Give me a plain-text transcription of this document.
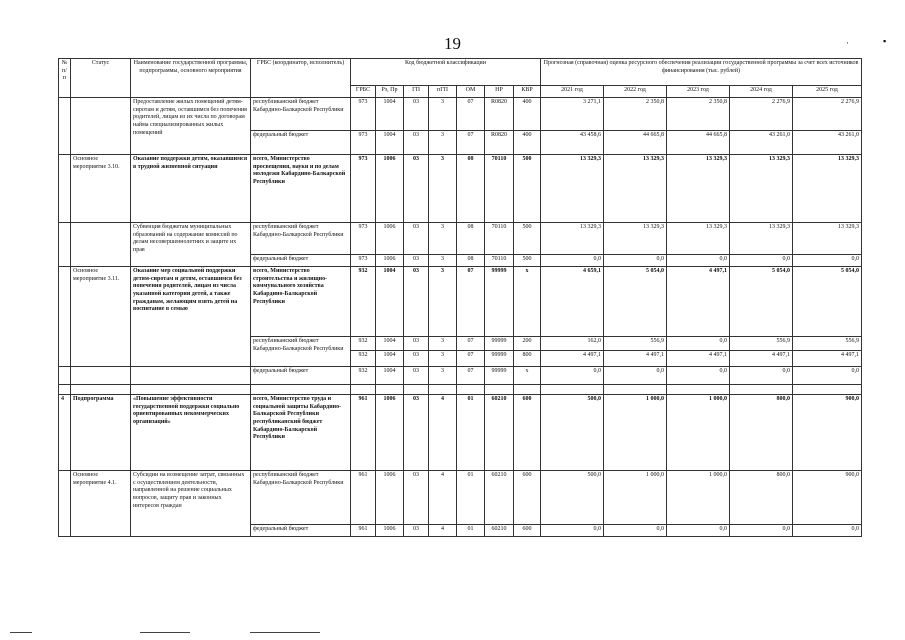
19	·	▪
№ п/п	Статус	Наименование государственной программы, подпрограммы, основного мероприятия	ГРБС (координатор, исполнитель)	Код бюджетной классификации							Прогнозная (справочная) оценка ресурсного обеспечения реализации государственной программы за счет всех источников финансирования (тыс. рублей)				
				ГРБС	Рз, Пр	ГП	пГП	ОМ	НР	КВР	2021 год	2022 год	2023 год	2024 год	2025 год
		Предоставление жилых помещений детям-сиротам и детям, оставшимся без попечения родителей, лицам из их числа по договорам найма специализированных жилых помещений	республиканский бюджет Кабардино-Балкарской Республики	973	1004	03	3	07	R0820	400	3 271,1	2 350,8	2 350,8	2 276,9	2 276,9
			федеральный бюджет	973	1004	03	3	07	R0820	400	43 458,6	44 665,8	44 665,8	43 261,0	43 261,0
	Основное мероприятие 3.10.	Оказание поддержки детям, оказавшимся в трудной жизненной ситуации	всего, Министерство просвещения, науки и по делам молодежи Кабардино-Балкарской Республики	973	1006	03	3	08	70110	500	13 329,3	13 329,3	13 329,3	13 329,3	13 329,3
		Субвенция бюджетам муниципальных образований на содержание комиссий по делам несовершеннолетних и защите их прав	республиканский бюджет Кабардино-Балкарской Республики	973	1006	03	3	08	70110	500	13 329,3	13 329,3	13 329,3	13 329,3	13 329,3
			федеральный бюджет	973	1006	03	3	08	70110	500	0,0	0,0	0,0	0,0	0,0
	Основное мероприятие 3.11.	Оказание мер социальной поддержки детям-сиротам и детям, оставшимся без попечения родителей, лицам из числа указанной категории детей, а также гражданам, желающим взять детей на воспитание в семью	всего, Министерство строительства и жилищно-коммунального хозяйства Кабардино-Балкарской Республики	932	1004	03	3	07	99999	x	4 659,1	5 054,0	4 497,1	5 054,0	5 054,0
			республиканский бюджет Кабардино-Балкарской Республики	932	1004	03	3	07	99999	200	162,0	556,9	0,0	556,9	556,9
				932	1004	03	3	07	99999	800	4 497,1	4 497,1	4 497,1	4 497,1	4 497,1
			федеральный бюджет	932	1004	03	3	07	99999	x	0,0	0,0	0,0	0,0	0,0

4	Подпрограмма	«Повышение эффективности государственной поддержки социально ориентированных некоммерческих организаций»	всего, Министерство труда и социальной защиты Кабардино-Балкарской Республики республиканский бюджет Кабардино-Балкарской Республики	961	1006	03	4	01	60210	600	500,0	1 000,0	1 000,0	800,0	900,0
	Основное мероприятие 4.1.	Субсидии на возмещение затрат, связанных с осуществлением деятельности, направленной на решение социальных вопросов, защиту прав и законных интересов граждан	республиканский бюджет Кабардино-Балкарской Республики	961	1006	03	4	01	60210	600	500,0	1 000,0	1 000,0	800,0	900,0
			федеральный бюджет	961	1006	03	4	01	60210	600	0,0	0,0	0,0	0,0	0,0
